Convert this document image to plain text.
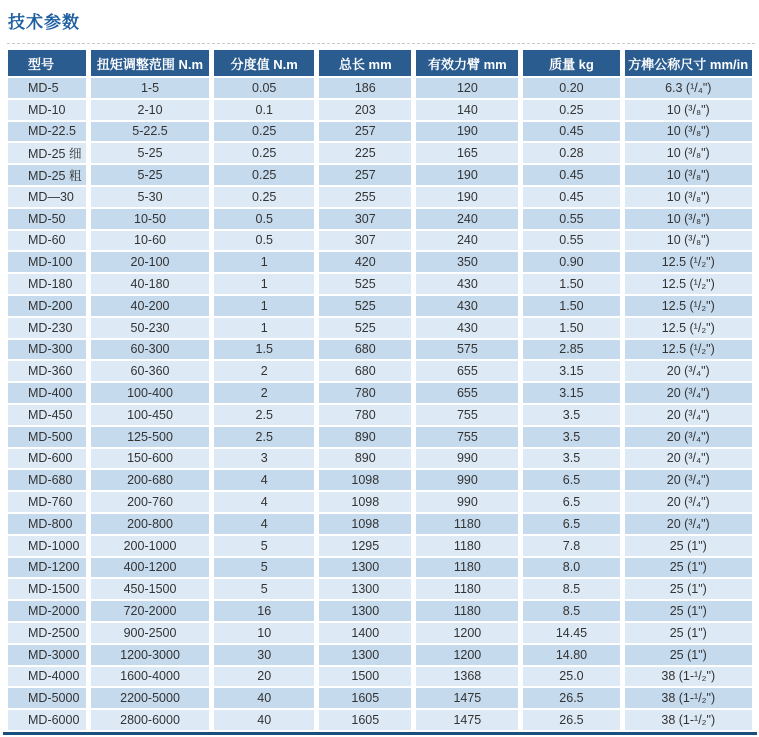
技术参数
型号	扭矩调整范围 N.m	分度值 N.m	总长 mm	有效力臂 mm	质量 kg	方榫公称尺寸 mm/in
MD-5	1-5	0.05	186	120	0.20	6.3 (¹/₄")
MD-10	2-10	0.1	203	140	0.25	10 (³/₈")
MD-22.5	5-22.5	0.25	257	190	0.45	10 (³/₈")
MD-25 细	5-25	0.25	225	165	0.28	10 (³/₈")
MD-25 粗	5-25	0.25	257	190	0.45	10 (³/₈")
MD—30	5-30	0.25	255	190	0.45	10 (³/₈")
MD-50	10-50	0.5	307	240	0.55	10 (³/₈")
MD-60	10-60	0.5	307	240	0.55	10 (³/₈")
MD-100	20-100	1	420	350	0.90	12.5 (¹/₂")
MD-180	40-180	1	525	430	1.50	12.5 (¹/₂")
MD-200	40-200	1	525	430	1.50	12.5 (¹/₂")
MD-230	50-230	1	525	430	1.50	12.5 (¹/₂")
MD-300	60-300	1.5	680	575	2.85	12.5 (¹/₂")
MD-360	60-360	2	680	655	3.15	20 (³/₄")
MD-400	100-400	2	780	655	3.15	20 (³/₄")
MD-450	100-450	2.5	780	755	3.5	20 (³/₄")
MD-500	125-500	2.5	890	755	3.5	20 (³/₄")
MD-600	150-600	3	890	990	3.5	20 (³/₄")
MD-680	200-680	4	1098	990	6.5	20 (³/₄")
MD-760	200-760	4	1098	990	6.5	20 (³/₄")
MD-800	200-800	4	1098	1180	6.5	20 (³/₄")
MD-1000	200-1000	5	1295	1180	7.8	25 (1")
MD-1200	400-1200	5	1300	1180	8.0	25 (1")
MD-1500	450-1500	5	1300	1180	8.5	25 (1")
MD-2000	720-2000	16	1300	1180	8.5	25 (1")
MD-2500	900-2500	10	1400	1200	14.45	25 (1")
MD-3000	1200-3000	30	1300	1200	14.80	25 (1")
MD-4000	1600-4000	20	1500	1368	25.0	38 (1-¹/₂")
MD-5000	2200-5000	40	1605	1475	26.5	38 (1-¹/₂")
MD-6000	2800-6000	40	1605	1475	26.5	38 (1-¹/₂")
